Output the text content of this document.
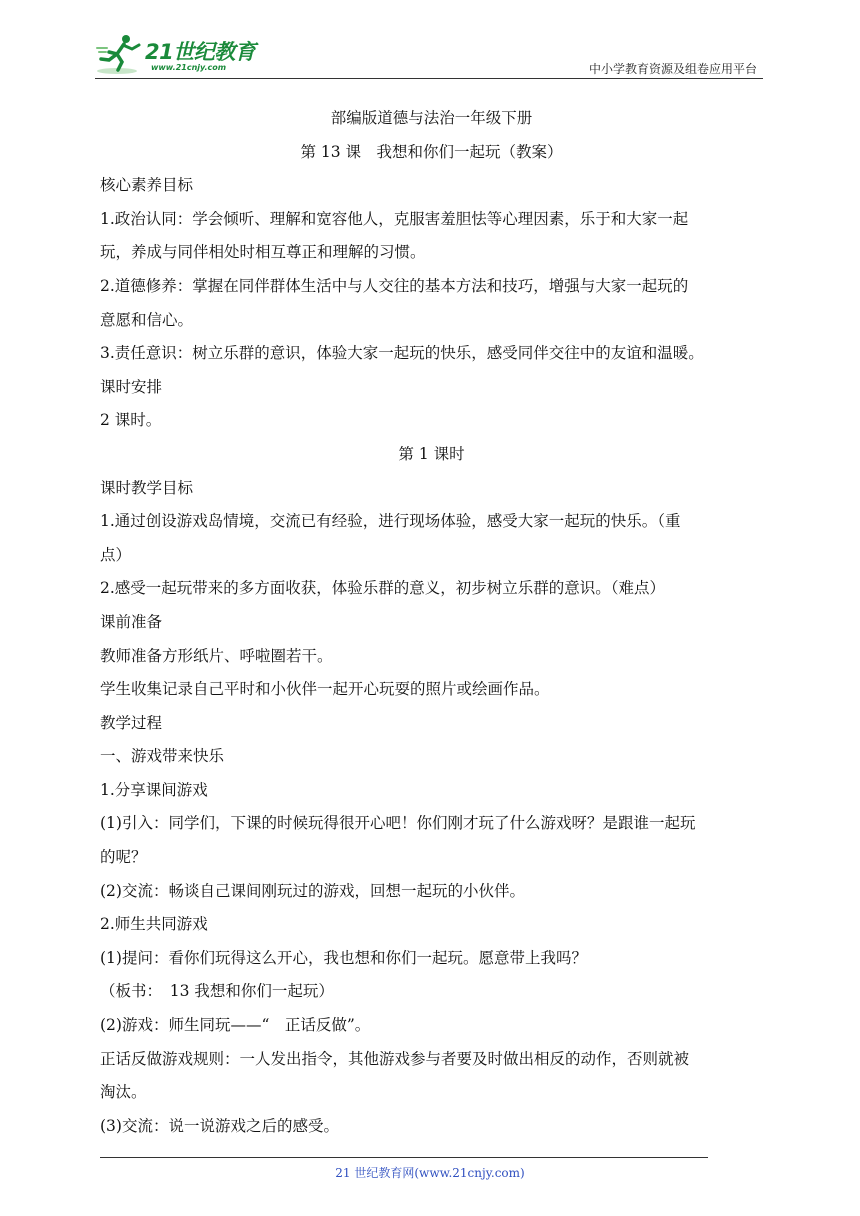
21世纪教育
www.21cnjy.com	中小学教育资源及组卷应用平台
部编版道德与法治一年级下册
第 13 课　我想和你们一起玩（教案）
核心素养目标
1.政治认同：学会倾听、理解和宽容他人，克服害羞胆怯等心理因素，乐于和大家一起
玩，养成与同伴相处时相互尊正和理解的习惯。
2.道德修养：掌握在同伴群体生活中与人交往的基本方法和技巧，增强与大家一起玩的
意愿和信心。
3.责任意识：树立乐群的意识，体验大家一起玩的快乐，感受同伴交往中的友谊和温暖。
课时安排
2 课时。
第 1 课时
课时教学目标
1.通过创设游戏岛情境，交流已有经验，进行现场体验，感受大家一起玩的快乐。（重
点）
2.感受一起玩带来的多方面收获，体验乐群的意义，初步树立乐群的意识。（难点）
课前准备
教师准备方形纸片、呼啦圈若干。
学生收集记录自己平时和小伙伴一起开心玩耍的照片或绘画作品。
教学过程
一、游戏带来快乐
1.分享课间游戏
(1)引入：同学们，下课的时候玩得很开心吧！你们刚才玩了什么游戏呀？是跟谁一起玩
的呢？
(2)交流：畅谈自己课间刚玩过的游戏，回想一起玩的小伙伴。
2.师生共同游戏
(1)提问：看你们玩得这么开心，我也想和你们一起玩。愿意带上我吗？
（板书：　13 我想和你们一起玩）
(2)游戏：师生同玩——“　正话反做”。
正话反做游戏规则：一人发出指令，其他游戏参与者要及时做出相反的动作，否则就被
淘汰。
(3)交流：说一说游戏之后的感受。
21 世纪教育网(www.21cnjy.com)
